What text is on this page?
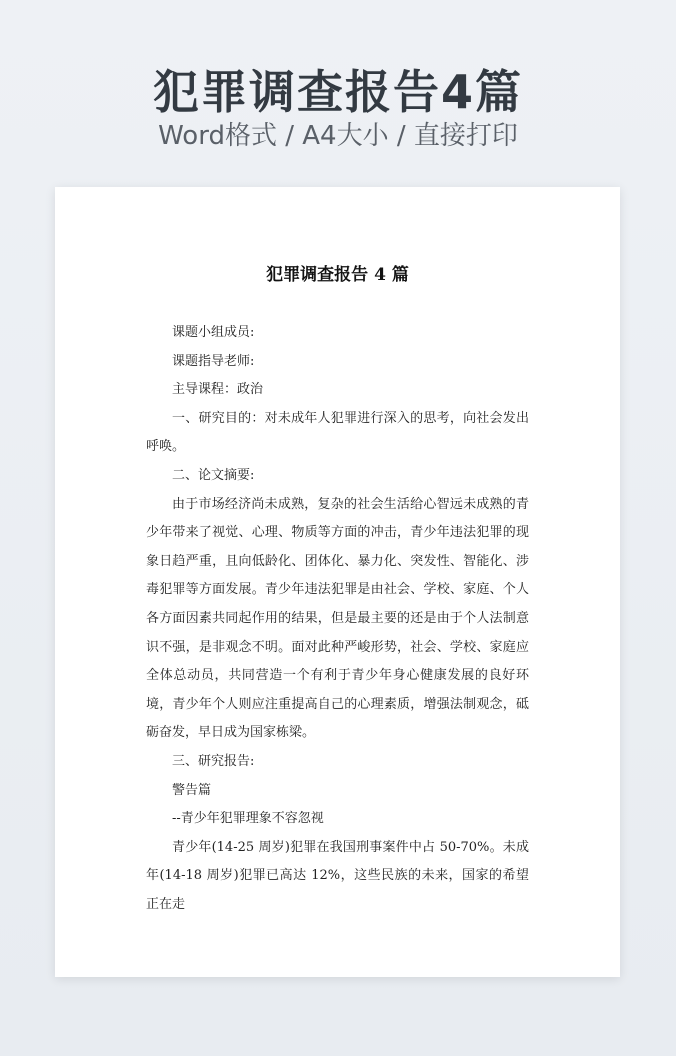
犯罪调查报告4篇
Word格式 / A4大小 / 直接打印
犯罪调查报告 4 篇

课题小组成员:

课题指导老师:

主导课程：政治

一、研究目的：对未成年人犯罪进行深入的思考，向社会发出呼唤。

二、论文摘要:

由于市场经济尚未成熟，复杂的社会生活给心智远未成熟的青少年带来了视觉、心理、物质等方面的冲击，青少年违法犯罪的现象日趋严重，且向低龄化、团体化、暴力化、突发性、智能化、涉毒犯罪等方面发展。青少年违法犯罪是由社会、学校、家庭、个人各方面因素共同起作用的结果，但是最主要的还是由于个人法制意识不强，是非观念不明。面对此种严峻形势，社会、学校、家庭应全体总动员，共同营造一个有利于青少年身心健康发展的良好环境，青少年个人则应注重提高自己的心理素质，增强法制观念，砥砺奋发，早日成为国家栋梁。

三、研究报告:

警告篇

--青少年犯罪理象不容忽视

青少年(14-25 周岁)犯罪在我国刑事案件中占 50-70%。未成年(14-18 周岁)犯罪已高达 12%，这些民族的未来，国家的希望正在走
